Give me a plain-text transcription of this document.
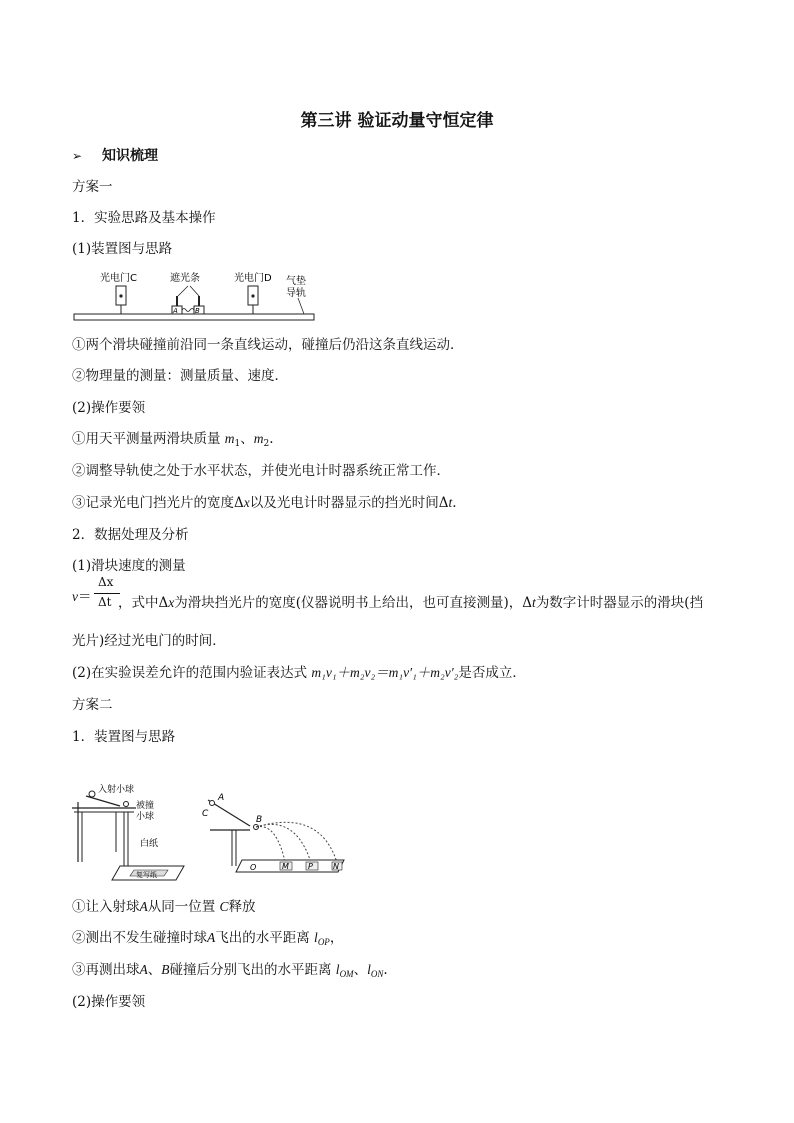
第三讲 验证动量守恒定律
➢ 知识梳理
方案一
1．实验思路及基本操作
(1)装置图与思路
光电门C	遮光条	光电门D 气垫
导轨
A B
①两个滑块碰撞前沿同一条直线运动，碰撞后仍沿这条直线运动．
②物理量的测量：测量质量、速度．
(2)操作要领
①用天平测量两滑块质量 $m_1$、$m_2$.
②调整导轨使之处于水平状态，并使光电计时器系统正常工作．
③记录光电门挡光片的宽度Δx以及光电计时器显示的挡光时间Δt.
2．数据处理及分析
(1)滑块速度的测量
v＝
Δx
Δt ，式中Δx为滑块挡光片的宽度(仪器说明书上给出，也可直接测量)，Δt为数字计时器显示的滑块(挡
光片)经过光电门的时间．
(2)在实验误差允许的范围内验证表达式 m₁v₁＋m₂v₂＝m₁v′₁＋m₂v′₂是否成立．
方案二
1．装置图与思路
入射小球
被撞
小球
白纸
复写纸
A
B
C
O	M P	N
①让入射球A从同一位置 C释放
②测出不发生碰撞时球A飞出的水平距离 $l_{OP}$，
③再测出球A、B碰撞后分别飞出的水平距离 $l_{OM}$、$l_{ON}$.
(2)操作要领
